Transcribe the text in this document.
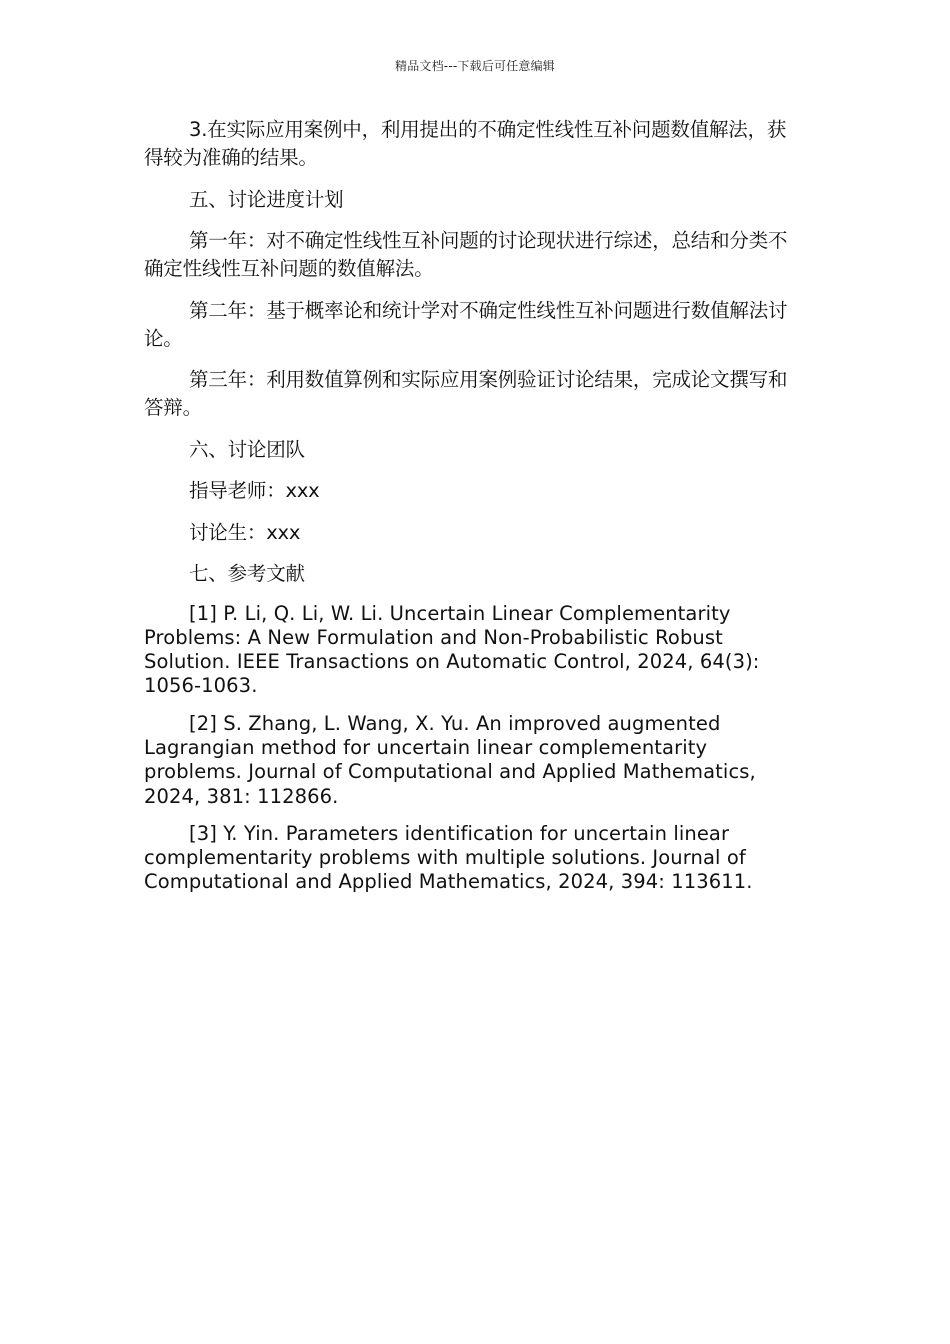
精品文档---下载后可任意编辑

3.在实际应用案例中，利用提出的不确定性线性互补问题数值解法，获得较为准确的结果。

五、讨论进度计划

第一年：对不确定性线性互补问题的讨论现状进行综述，总结和分类不确定性线性互补问题的数值解法。

第二年：基于概率论和统计学对不确定性线性互补问题进行数值解法讨论。

第三年：利用数值算例和实际应用案例验证讨论结果，完成论文撰写和答辩。

六、讨论团队

指导老师：xxx

讨论生：xxx

七、参考文献

[1] P. Li, Q. Li, W. Li. Uncertain Linear Complementarity Problems: A New Formulation and Non-Probabilistic Robust Solution. IEEE Transactions on Automatic Control, 2024, 64(3): 1056-1063.

[2] S. Zhang, L. Wang, X. Yu. An improved augmented Lagrangian method for uncertain linear complementarity problems. Journal of Computational and Applied Mathematics, 2024, 381: 112866.

[3] Y. Yin. Parameters identification for uncertain linear complementarity problems with multiple solutions. Journal of Computational and Applied Mathematics, 2024, 394: 113611.
